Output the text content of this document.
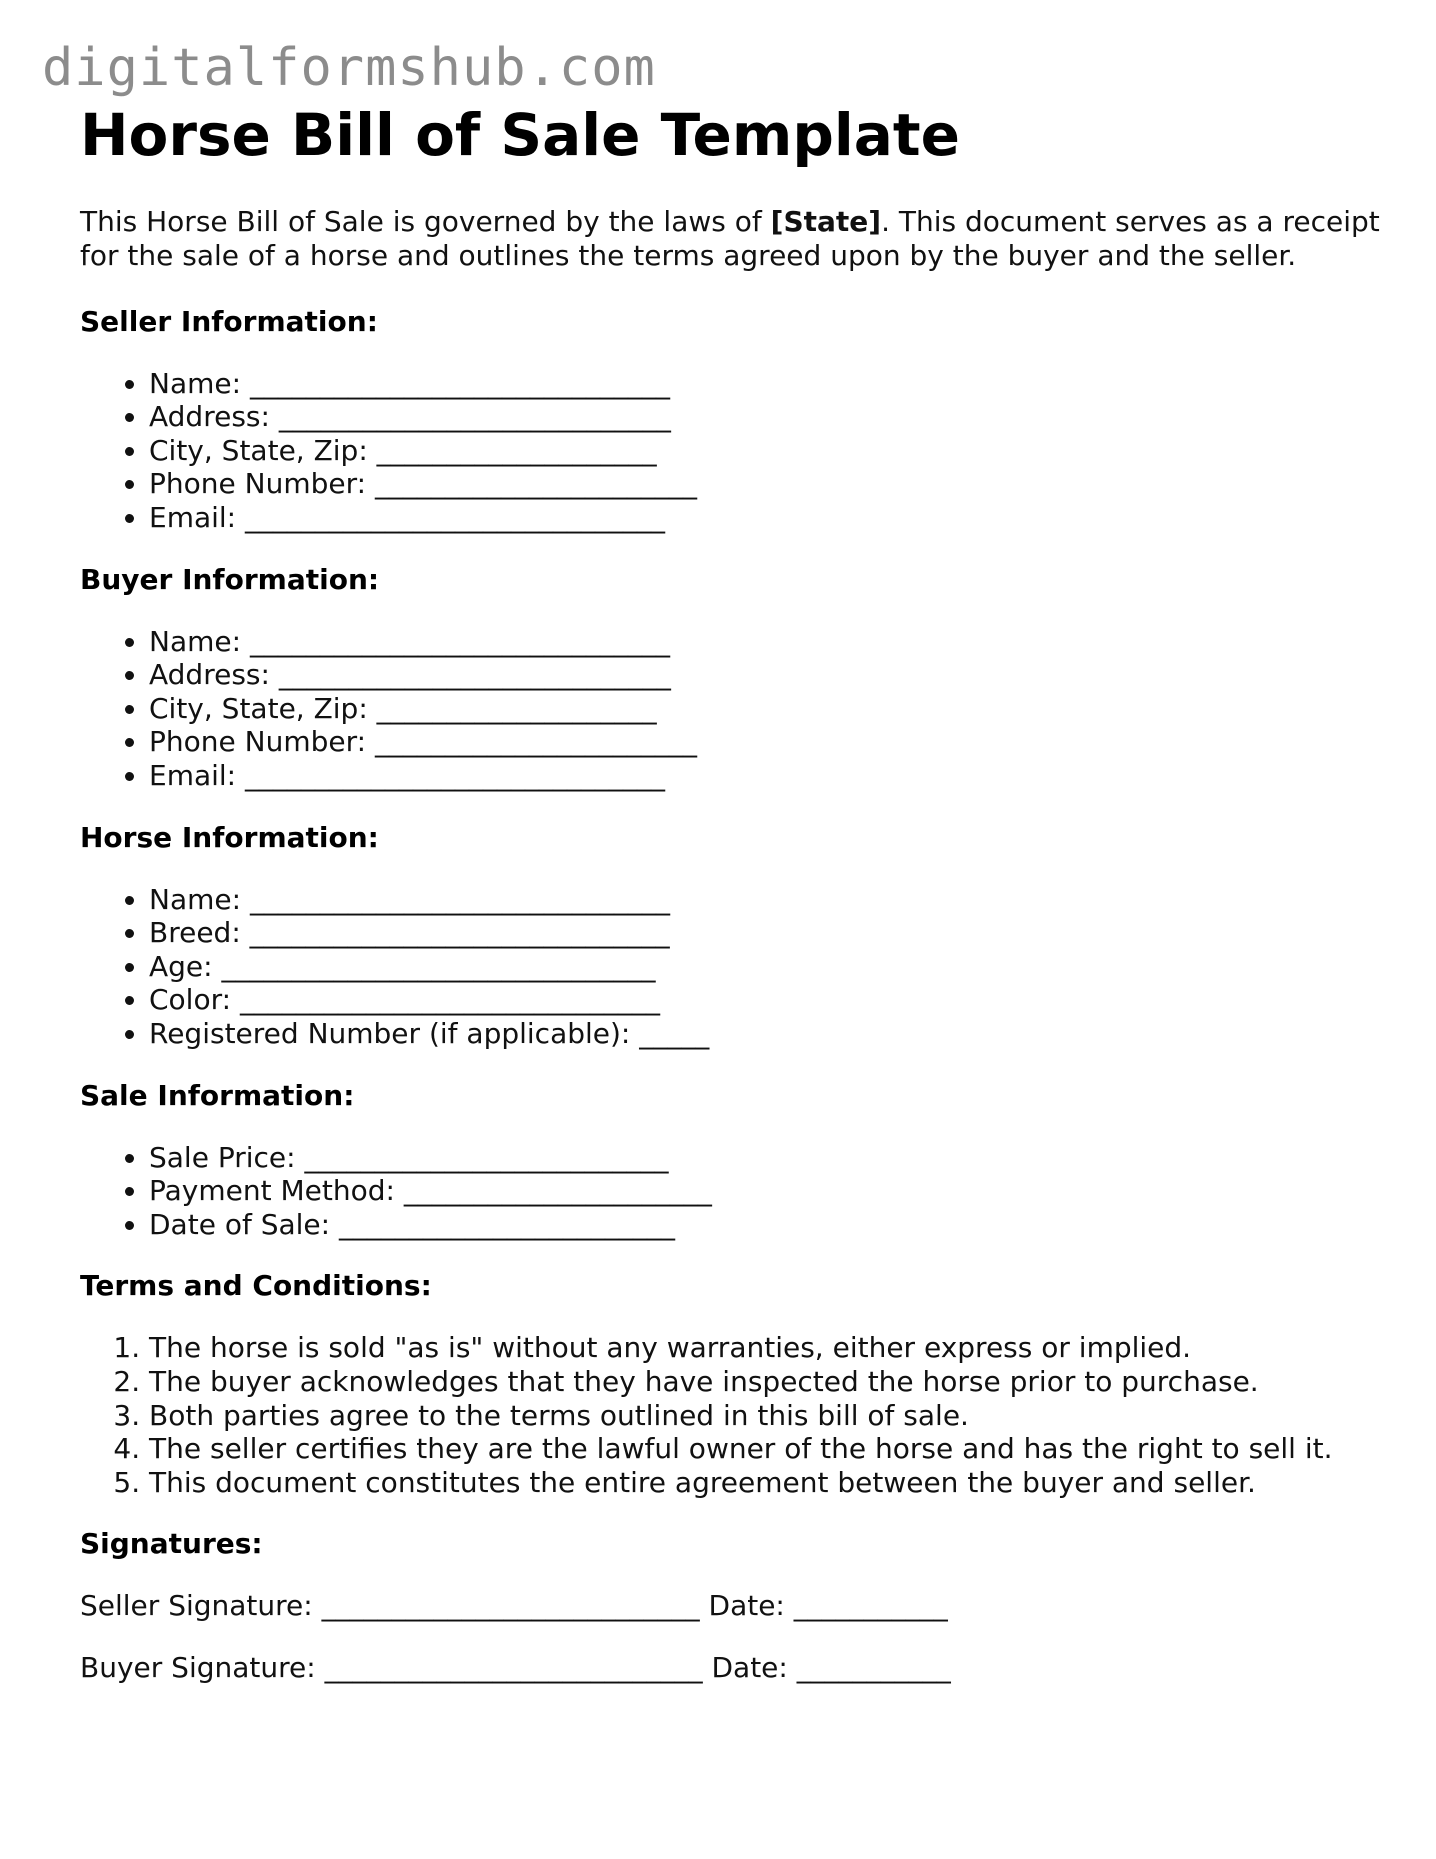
digitalformshub.com
Horse Bill of Sale Template

This Horse Bill of Sale is governed by the laws of [State]. This document serves as a receipt for the sale of a horse and outlines the terms agreed upon by the buyer and the seller.

Seller Information:
• Name: ______________________________
• Address: ____________________________
• City, State, Zip: ____________________
• Phone Number: _______________________
• Email: ______________________________
Buyer Information:
• Name: ______________________________
• Address: ____________________________
• City, State, Zip: ____________________
• Phone Number: _______________________
• Email: ______________________________
Horse Information:
• Name: ______________________________
• Breed: ______________________________
• Age: _______________________________
• Color: ______________________________
• Registered Number (if applicable): _____
Sale Information:
• Sale Price: __________________________
• Payment Method: ______________________
• Date of Sale: ________________________
Terms and Conditions:
1. The horse is sold "as is" without any warranties, either express or implied.
2. The buyer acknowledges that they have inspected the horse prior to purchase.
3. Both parties agree to the terms outlined in this bill of sale.
4. The seller certifies they are the lawful owner of the horse and has the right to sell it.
5. This document constitutes the entire agreement between the buyer and seller.
Signatures:

Seller Signature: ___________________________ Date: ___________

Buyer Signature: ___________________________ Date: ___________
